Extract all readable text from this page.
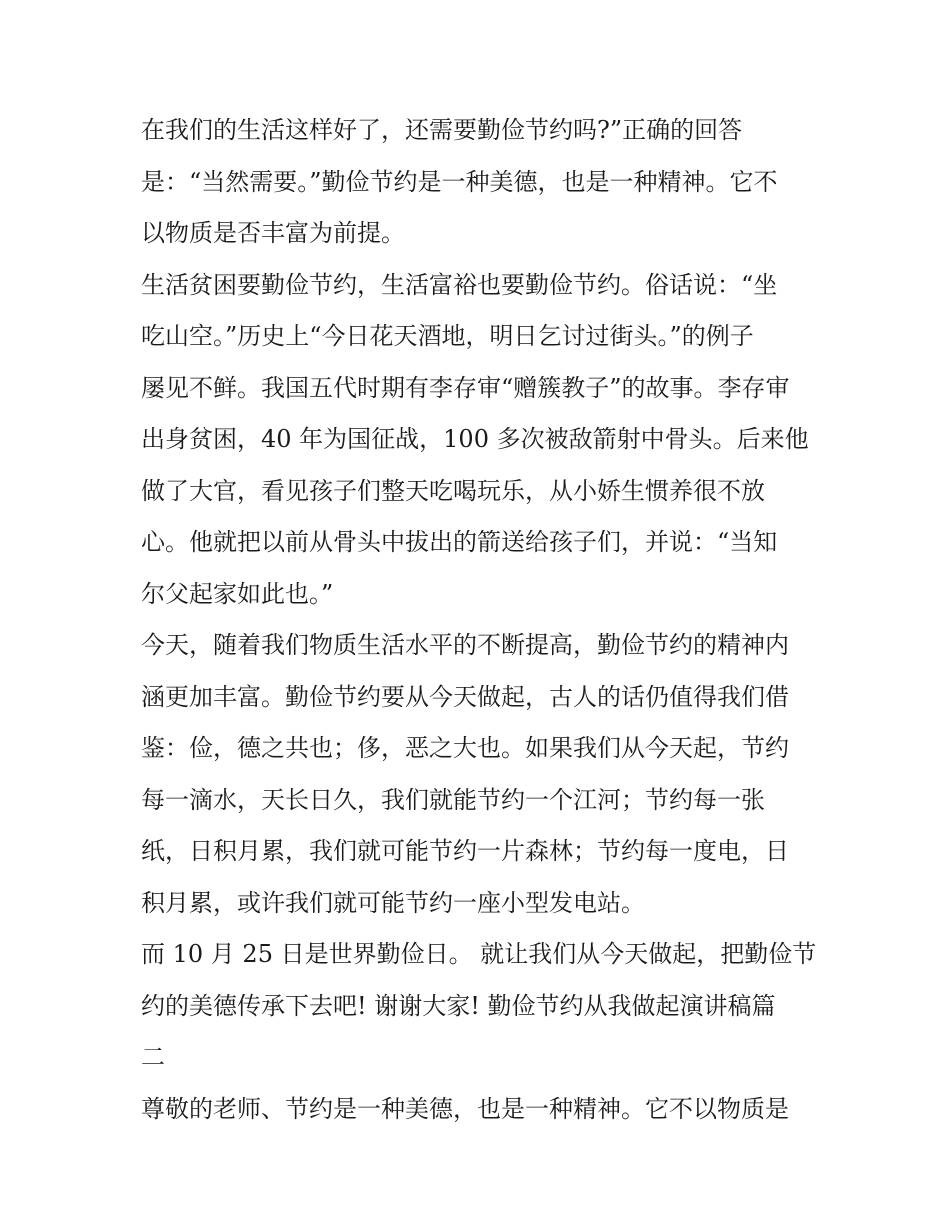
在我们的生活这样好了，还需要勤俭节约吗?”正确的回答
是：“当然需要。”勤俭节约是一种美德，也是一种精神。它不
以物质是否丰富为前提。
生活贫困要勤俭节约，生活富裕也要勤俭节约。俗话说：“坐
吃山空。”历史上“今日花天酒地，明日乞讨过街头。”的例子
屡见不鲜。我国五代时期有李存审“赠簇教子”的故事。李存审
出身贫困，40 年为国征战，100 多次被敌箭射中骨头。后来他
做了大官，看见孩子们整天吃喝玩乐，从小娇生惯养很不放
心。他就把以前从骨头中拔出的箭送给孩子们，并说：“当知
尔父起家如此也。”
今天，随着我们物质生活水平的不断提高，勤俭节约的精神内
涵更加丰富。勤俭节约要从今天做起，古人的话仍值得我们借
鉴：俭，德之共也；侈，恶之大也。如果我们从今天起，节约
每一滴水，天长日久，我们就能节约一个江河；节约每一张
纸，日积月累，我们就可能节约一片森林；节约每一度电，日
积月累，或许我们就可能节约一座小型发电站。
而 10 月 25 日是世界勤俭日。 就让我们从今天做起，把勤俭节
约的美德传承下去吧! 谢谢大家! 勤俭节约从我做起演讲稿篇
二
尊敬的老师、节约是一种美德，也是一种精神。它不以物质是
